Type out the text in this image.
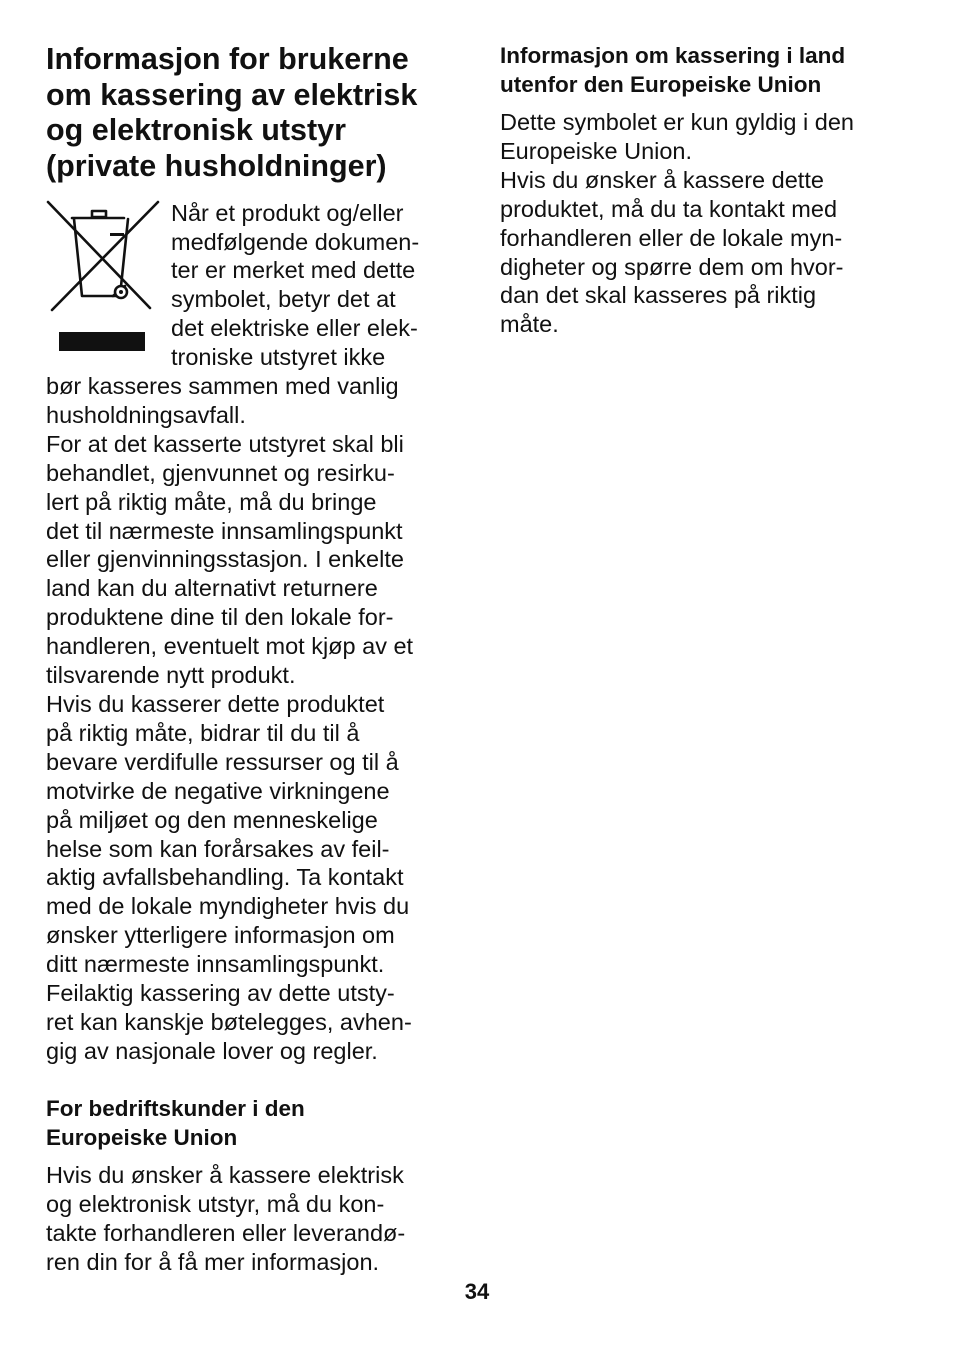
Informasjon for brukerne
om kassering av elektrisk
og elektronisk utstyr
(private husholdninger)
Når et produkt og/eller
medfølgende dokumen-
ter er merket med dette
symbolet, betyr det at
det elektriske eller elek-
troniske utstyret ikke
bør kasseres sammen med vanlig
husholdningsavfall.
For at det kasserte utstyret skal bli
behandlet, gjenvunnet og resirku-
lert på riktig måte, må du bringe
det til nærmeste innsamlingspunkt
eller gjenvinningsstasjon. I enkelte
land kan du alternativt returnere
produktene dine til den lokale for-
handleren, eventuelt mot kjøp av et
tilsvarende nytt produkt.
Hvis du kasserer dette produktet
på riktig måte, bidrar til du til å
bevare verdifulle ressurser og til å
motvirke de negative virkningene
på miljøet og den menneskelige
helse som kan forårsakes av feil-
aktig avfallsbehandling. Ta kontakt
med de lokale myndigheter hvis du
ønsker ytterligere informasjon om
ditt nærmeste innsamlingspunkt.
Feilaktig kassering av dette utsty-
ret kan kanskje bøtelegges, avhen-
gig av nasjonale lover og regler.
For bedriftskunder i den
Europeiske Union
Hvis du ønsker å kassere elektrisk
og elektronisk utstyr, må du kon-
takte forhandleren eller leverandø-
ren din for å få mer informasjon.
Informasjon om kassering i land
utenfor den Europeiske Union
Dette symbolet er kun gyldig i den
Europeiske Union.
Hvis du ønsker å kassere dette
produktet, må du ta kontakt med
forhandleren eller de lokale myn-
digheter og spørre dem om hvor-
dan det skal kasseres på riktig
måte.
34
